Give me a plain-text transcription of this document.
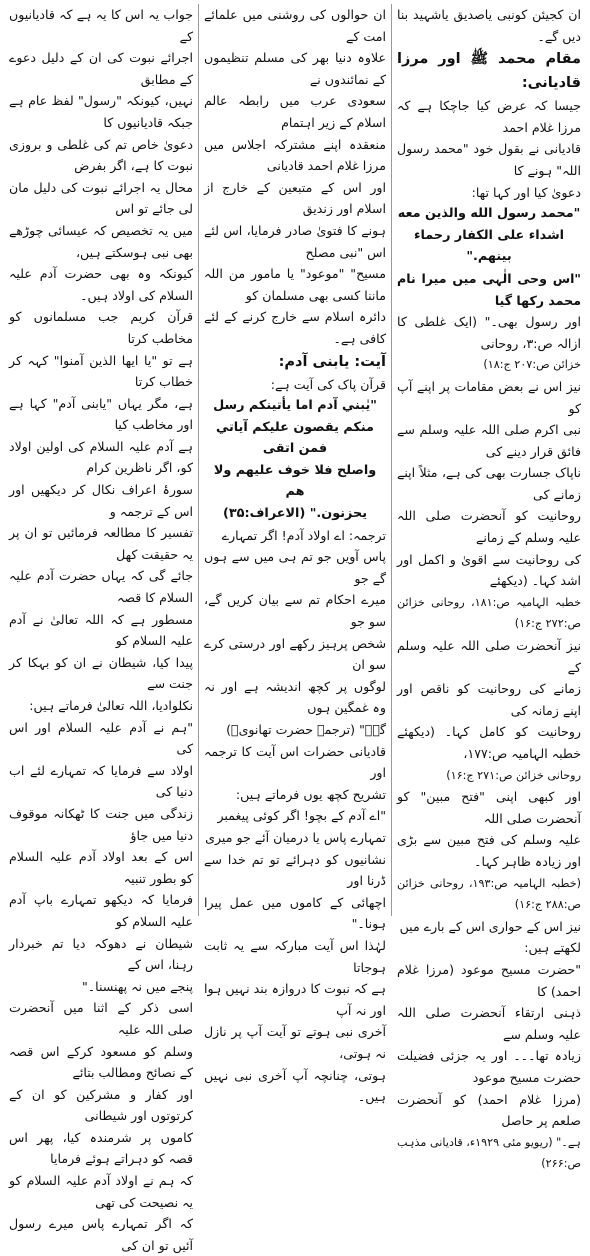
ان کجیئن کونبی یاصدیق یاشہید بنا دیں گے۔

مقام محمد ﷺ اور مرزا قادیانی:

جیسا کہ عرض کیا جاچکا ہے کہ مرزا غلام احمد

قادیانی نے بقول خود "محمد رسول اللہ" ہونے کا

دعویٰ کیا اور کہا تھا:

"محمد رسول الله والذين معه

اشداء على الكفار رحماء بينهم."

"اس وحی الٰہی میں میرا نام محمد رکھا گیا

اور رسول بھی۔" (ایک غلطی کا ازالہ ص:۳، روحانی

خزائن ص:۲۰۷ ج:۱۸)

نیز اس نے بعض مقامات پر اپنے آپ کو

نبی اکرم صلی اللہ علیہ وسلم سے فائق قرار دینے کی

ناپاک جسارت بھی کی ہے، مثلاً اپنے زمانے کی

روحانیت کو آنحضرت صلی اللہ علیہ وسلم کے زمانے

کی روحانیت سے اقویٰ و اکمل اور اشد کہا۔ (دیکھئے

خطبہ الہامیہ ص:۱۸۱، روحانی خزائن ص:۲۷۲ ج:۱۶)

نیز آنحضرت صلی اللہ علیہ وسلم کے

زمانے کی روحانیت کو ناقص اور اپنے زمانہ کی

روحانیت کو کامل کہا۔ (دیکھئے خطبہ الہامیہ ص:۱۷۷،

روحانی خزائن ص:۲۷۱ ج:۱۶)

اور کبھی اپنی "فتح مبین" کو آنحضرت صلی اللہ

علیہ وسلم کی فتح مبین سے بڑی اور زیادہ ظاہر کہا۔

(خطبہ الہامیہ ص:۱۹۳، روحانی خزائن ص:۲۸۸ ج:۱۶)

نیز اس کے حواری اس کے بارے میں

لکھتے ہیں:

"حضرت مسیح موعود (مرزا غلام احمد) کا

ذہنی ارتقاء آنحضرت صلی اللہ علیہ وسلم سے

زیادہ تھا۔۔۔ اور یہ جزئی فضیلت حضرت مسیح موعود

(مرزا غلام احمد) کو آنحضرت صلعم پر حاصل

ہے۔" (ریویو مئی ۱۹۲۹ء، قادیانی مذہب ص:۲۶۶)

ان حوالوں کی روشنی میں علمائے امت کے

علاوہ دنیا بھر کی مسلم تنظیموں کے نمائندوں نے

سعودی عرب میں رابطہ عالم اسلام کے زیر اہتمام

منعقدہ اپنے مشترکہ اجلاس میں مرزا غلام احمد قادیانی

اور اس کے متبعین کے خارج از اسلام اور زندیق

ہونے کا فتویٰ صادر فرمایا، اس لئے اس "نبی مصلح

مسیح" "موعود" یا مامور من اللہ ماننا کسی بھی مسلمان کو

دائرہ اسلام سے خارج کرنے کے لئے کافی ہے۔

آیت: یابنی آدم:

قرآن پاک کی آیت ہے:

"يٰبني آدم اما يأتينكم رسل

منكم يقصون عليكم آياتي فمن اتقى

واصلح فلا خوف عليهم ولا هم

يحزنون." (الاعراف:۳۵)

ترجمہ: اے اولاد آدم! اگر تمہارے

پاس آویں جو تم ہی میں سے ہوں گے جو

میرے احکام تم سے بیان کریں گے، سو جو

شخص پرہیز رکھے اور درستی کرے سو ان

لوگوں پر کچھ اندیشہ ہے اور نہ وہ غمگین ہوں

گے۔" (ترجمہ حضرت تھانویؒ)

قادیانی حضرات اس آیت کا ترجمہ اور

تشریح کچھ یوں فرماتے ہیں:

"اے آدم کے بچو! اگر کوئی پیغمبر

تمہارے پاس یا درمیان آئے جو میری

نشانیوں کو دہرائے تو تم خدا سے ڈرنا اور

اچھائی کے کاموں میں عمل پیرا ہونا۔"

لہٰذا اس آیت مبارکہ سے یہ ثابت ہوجاتا

ہے کہ نبوت کا دروازہ بند نہیں ہوا اور نہ آپ

آخری نبی ہوتے تو آیت آپ پر نازل نہ ہوتی،

ہوتی، چنانچہ آپ آخری نبی نہیں ہیں۔

جواب یہ اس کا یہ ہے کہ قادیانیوں کے

اجرائے نبوت کی ان کے دلیل دعوے کے مطابق

نہیں، کیونکہ "رسول" لفظ عام ہے جبکہ قادیانیوں کا

دعویٰ خاص تم کی غلطی و بروزی نبوت کا ہے، اگر بفرض

محال یہ اجرائے نبوت کی دلیل مان لی جائے تو اس

میں یہ تخصیص کہ عیسائی چوڑھے بھی نبی ہوسکتے ہیں،

کیونکہ وہ بھی حضرت آدم علیہ السلام کی اولاد ہیں۔

قرآن کریم جب مسلمانوں کو مخاطب کرتا

ہے تو "یا ایها الذین آمنوا" کہہ کر خطاب کرتا

ہے، مگر یہاں "یابنی آدم" کہا ہے اور مخاطب کیا

ہے آدم علیہ السلام کی اولین اولاد کو، اگر ناظرین کرام

سورۂ اعراف نکال کر دیکھیں اور اس کے ترجمہ و

تفسیر کا مطالعہ فرمائیں تو ان پر یہ حقیقت کھل

جائے گی کہ یہاں حضرت آدم علیہ السلام کا قصہ

مسطور ہے کہ اللہ تعالیٰ نے آدم علیہ السلام کو

پیدا کیا، شیطان نے ان کو بہکا کر جنت سے

نکلوادیا، اللہ تعالیٰ فرماتے ہیں:

"ہم نے آدم علیہ السلام اور اس کی

اولاد سے فرمایا کہ تمہارے لئے اب دنیا کی

زندگی میں جنت کا ٹھکانہ موقوف دنیا میں جاؤ

اس کے بعد اولاد آدم علیہ السلام کو بطور تنبیہ

فرمایا کہ دیکھو تمہارے باپ آدم علیہ السلام کو

شیطان نے دھوکہ دیا تم خبردار رہنا، اس کے

پنجے میں نہ پھنسنا۔"

اسی ذکر کے اثنا میں آنحضرت صلی اللہ علیہ

وسلم کو مسعود کرکے اس قصہ کے نصائح ومطالب بتائے

اور کفار و مشرکین کو ان کے کرتوتوں اور شیطانی

کاموں پر شرمندہ کیا، پھر اس قصہ کو دہراتے ہوئے فرمایا

کہ ہم نے اولاد آدم علیہ السلام کو یہ نصیحت کی تھی

کہ اگر تمہارے پاس میرے رسول آئیں تو ان کی
